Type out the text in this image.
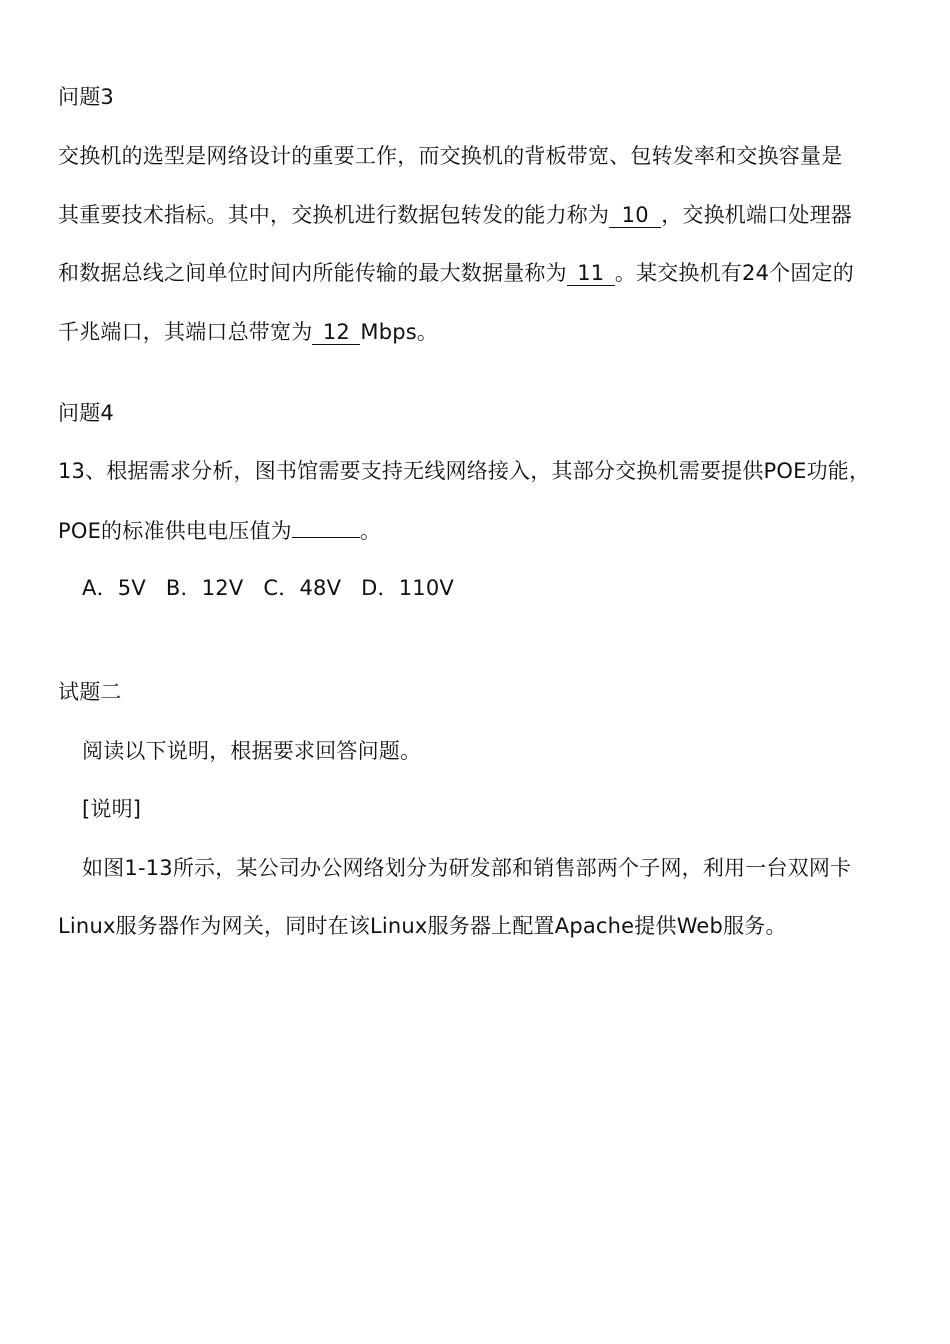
问题3
交换机的选型是网络设计的重要工作，而交换机的背板带宽、包转发率和交换容量是
其重要技术指标。其中，交换机进行数据包转发的能力称为 10 ，交换机端口处理器
和数据总线之间单位时间内所能传输的最大数据量称为 11 。某交换机有24个固定的
千兆端口，其端口总带宽为 12 Mbps。
问题4
13、根据需求分析，图书馆需要支持无线网络接入，其部分交换机需要提供POE功能，
POE的标准供电电压值为	。
A．5V B．12V C．48V D．110V
试题二
阅读以下说明，根据要求回答问题。
[说明]
如图1-13所示，某公司办公网络划分为研发部和销售部两个子网，利用一台双网卡
Linux服务器作为网关，同时在该Linux服务器上配置Apache提供Web服务。
